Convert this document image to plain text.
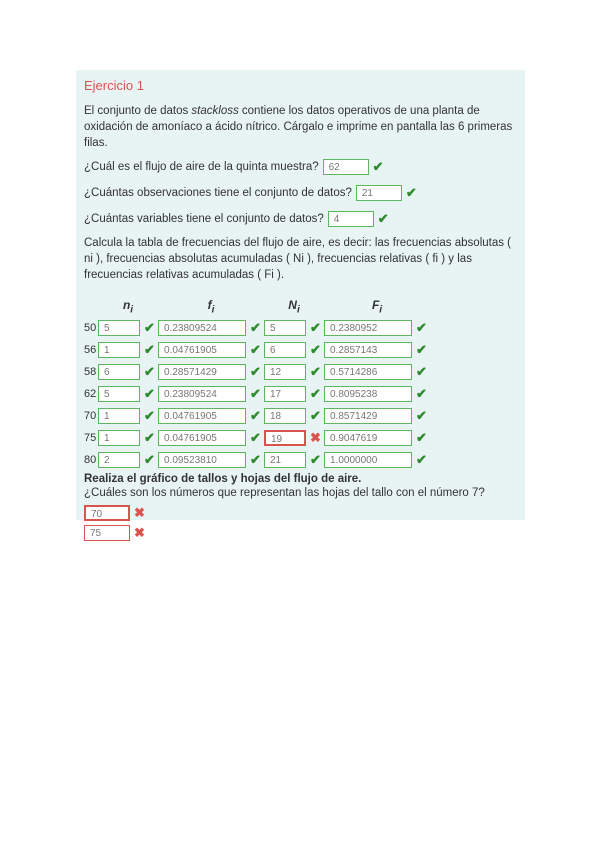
Ejercicio 1

El conjunto de datos stackloss contiene los datos operativos de una planta de oxidación de amoníaco a ácido nítrico. Cárgalo e imprime en pantalla las 6 primeras filas.

¿Cuál es el flujo de aire de la quinta muestra?	62	✔
¿Cuántas observaciones tiene el conjunto de datos?	21	✔
¿Cuántas variables tiene el conjunto de datos?	4	✔

Calcula la tabla de frecuencias del flujo de aire, es decir: las frecuencias absolutas ( ni ), frecuencias absolutas acumuladas ( Ni ), frecuencias relativas ( fi ) y las frecuencias relativas acumuladas ( Fi ).

	$n_i$	$f_i$	$N_i$	$F_i$
50	5 ✔	0.23809524 ✔	5 ✔	0.2380952 ✔

56	1 ✔	0.04761905 ✔	6 ✔	0.2857143 ✔

58	6 ✔	0.28571429 ✔	12 ✔	0.5714286 ✔

62	5 ✔	0.23809524 ✔	17 ✔	0.8095238 ✔

70	1 ✔	0.04761905 ✔	18 ✔	0.8571429 ✔

75	1 ✔	0.04761905 ✔	19 ✖	0.9047619 ✔

80	2 ✔	0.09523810 ✔	21 ✔	1.0000000 ✔
Realiza el gráfico de tallos y hojas del flujo de aire.
¿Cuáles son los números que representan las hojas del tallo con el número 7?
70	✖
75	✖
